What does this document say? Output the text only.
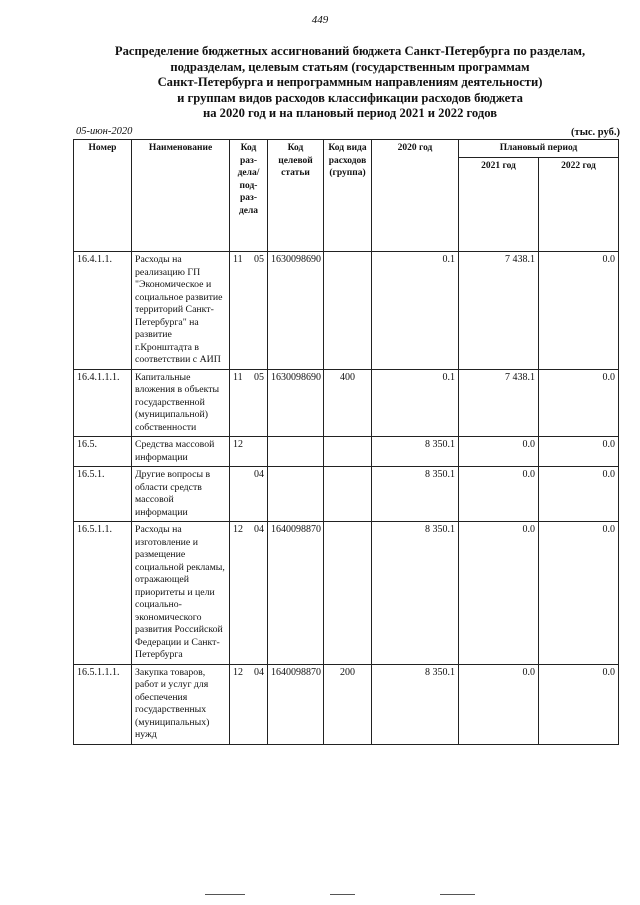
449
Распределение бюджетных ассигнований бюджета Санкт-Петербурга по разделам,
подразделам, целевым статьям (государственным программам
Санкт-Петербурга и непрограммным направлениям деятельности)
и группам видов расходов классификации расходов бюджета
на 2020 год и на плановый период 2021 и 2022 годов
05-июн-2020	(тыс. руб.)
Номер	Наименование	Код раз-дела/ под-раз-дела	Код целевой статьи	Код вида расходов (группа)	2020 год	Плановый период	
						2021 год	2022 год
16.4.1.1.	Расходы на реализацию ГП "Экономическое и социальное развитие территорий Санкт-Петербурга" на развитие г.Кронштадта в соответствии с АИП	11 05	1630098690		0.1	7 438.1	0.0
16.4.1.1.1.	Капитальные вложения в объекты государственной (муниципальной) собственности	11 05	1630098690	400	0.1	7 438.1	0.0
16.5.	Средства массовой информации	12			8 350.1	0.0	0.0
16.5.1.	Другие вопросы в области средств массовой информации	04			8 350.1	0.0	0.0
16.5.1.1.	Расходы на изготовление и размещение социальной рекламы, отражающей приоритеты и цели социально-экономического развития Российской Федерации и Санкт-Петербурга	12 04	1640098870		8 350.1	0.0	0.0
16.5.1.1.1.	Закупка товаров, работ и услуг для обеспечения государственных (муниципальных) нужд	12 04	1640098870	200	8 350.1	0.0	0.0
